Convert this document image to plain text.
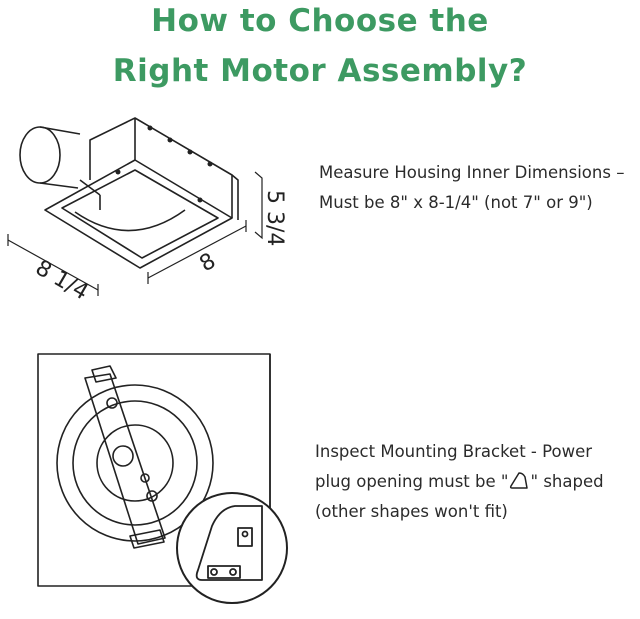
How to Choose the
Right Motor Assembly?
8 1/4	8
5 3/4
Measure Housing Inner Dimensions –
Must be 8" x 8-1/4" (not 7" or 9")
Inspect Mounting Bracket - Power
plug opening must be " " shaped
(other shapes won't fit)
